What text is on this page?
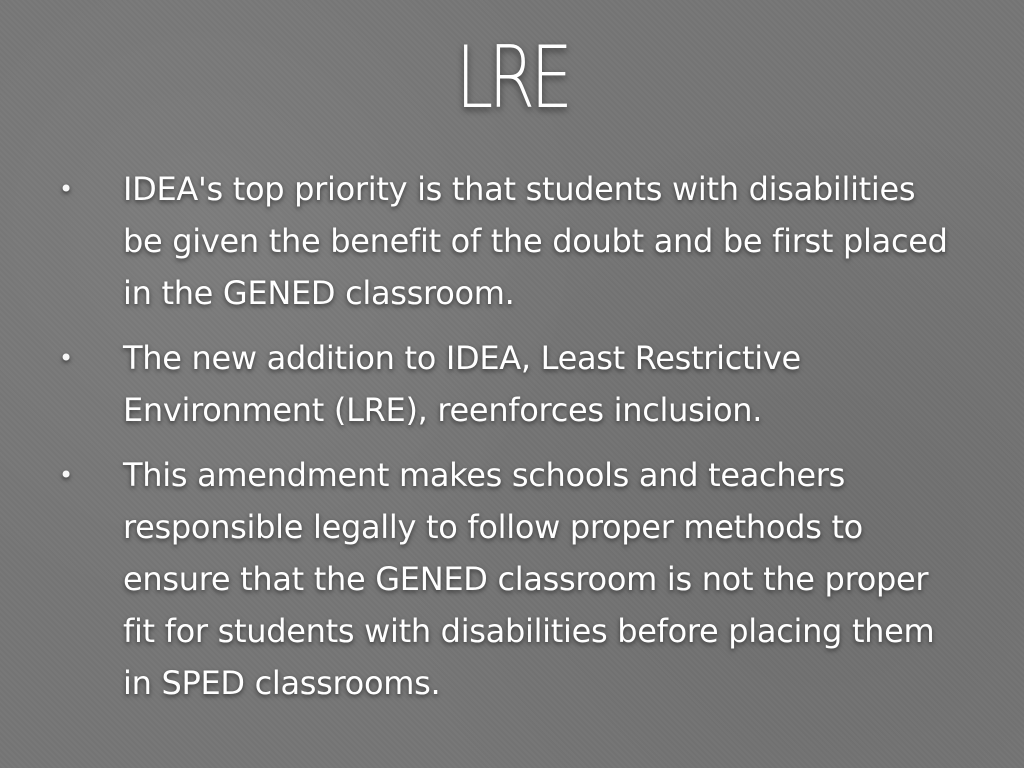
LRE
• IDEA's top priority is that students with disabilities be given the benefit of the doubt and be first placed in the GENED classroom.
• The new addition to IDEA, Least Restrictive Environment (LRE), reenforces inclusion.
• This amendment makes schools and teachers responsible legally to follow proper methods to ensure that the GENED classroom is not the proper fit for students with disabilities before placing them in SPED classrooms.
